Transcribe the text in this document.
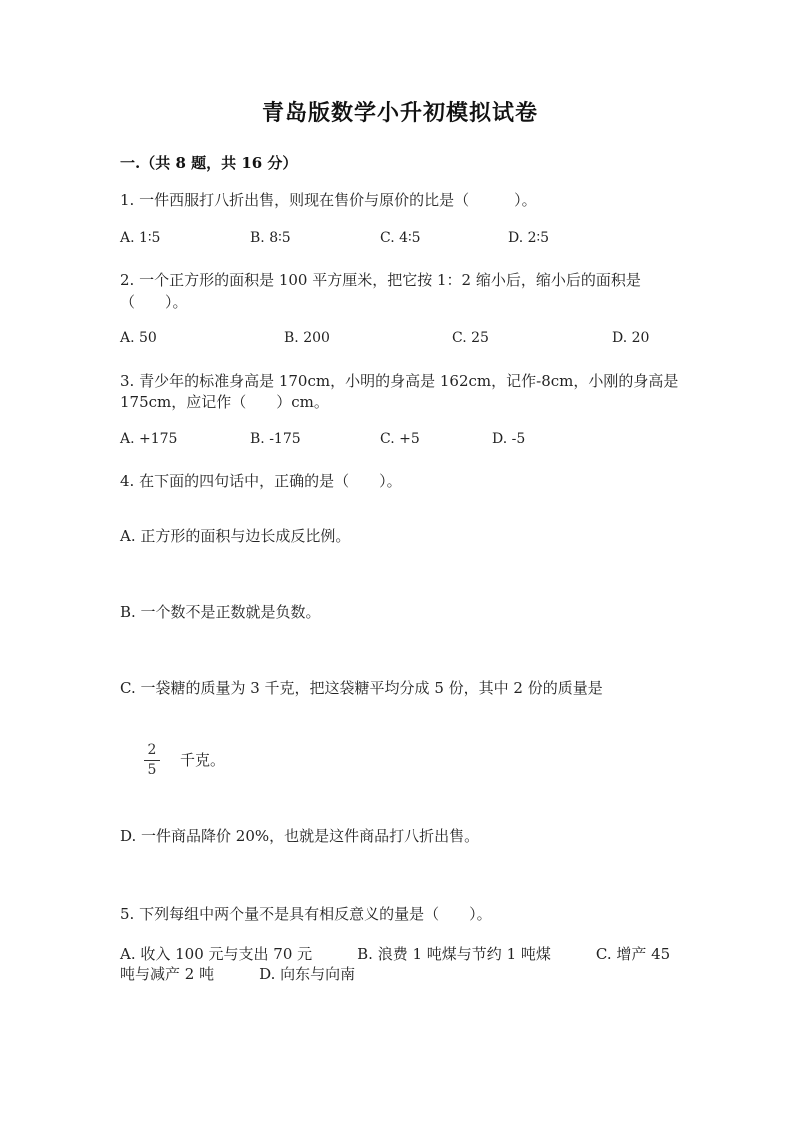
青岛版数学小升初模拟试卷
一.（共 8 题，共 16 分）
1. 一件西服打八折出售，则现在售价与原价的比是（　　　）。
A. 1∶5	B. 8∶5	C. 4∶5	D. 2∶5
2. 一个正方形的面积是 100 平方厘米，把它按 1：2 缩小后，缩小后的面积是
（　　）。
A. 50	B. 200	C. 25	D. 20
3. 青少年的标准身高是 170cm，小明的身高是 162cm，记作-8cm，小刚的身高是
175cm，应记作（　　）cm。
A. +175	B. -175	C. +5	D. -5
4. 在下面的四句话中，正确的是（　　）。
A. 正方形的面积与边长成反比例。
B. 一个数不是正数就是负数。
C. 一袋糖的质量为 3 千克，把这袋糖平均分成 5 份，其中 2 份的质量是
2
5
千克。
D. 一件商品降价 20%，也就是这件商品打八折出售。
5. 下列每组中两个量不是具有相反意义的量是（　　）。
A. 收入 100 元与支出 70 元　　　B. 浪费 1 吨煤与节约 1 吨煤　　　C. 增产 45
吨与减产 2 吨　　　D. 向东与向南
